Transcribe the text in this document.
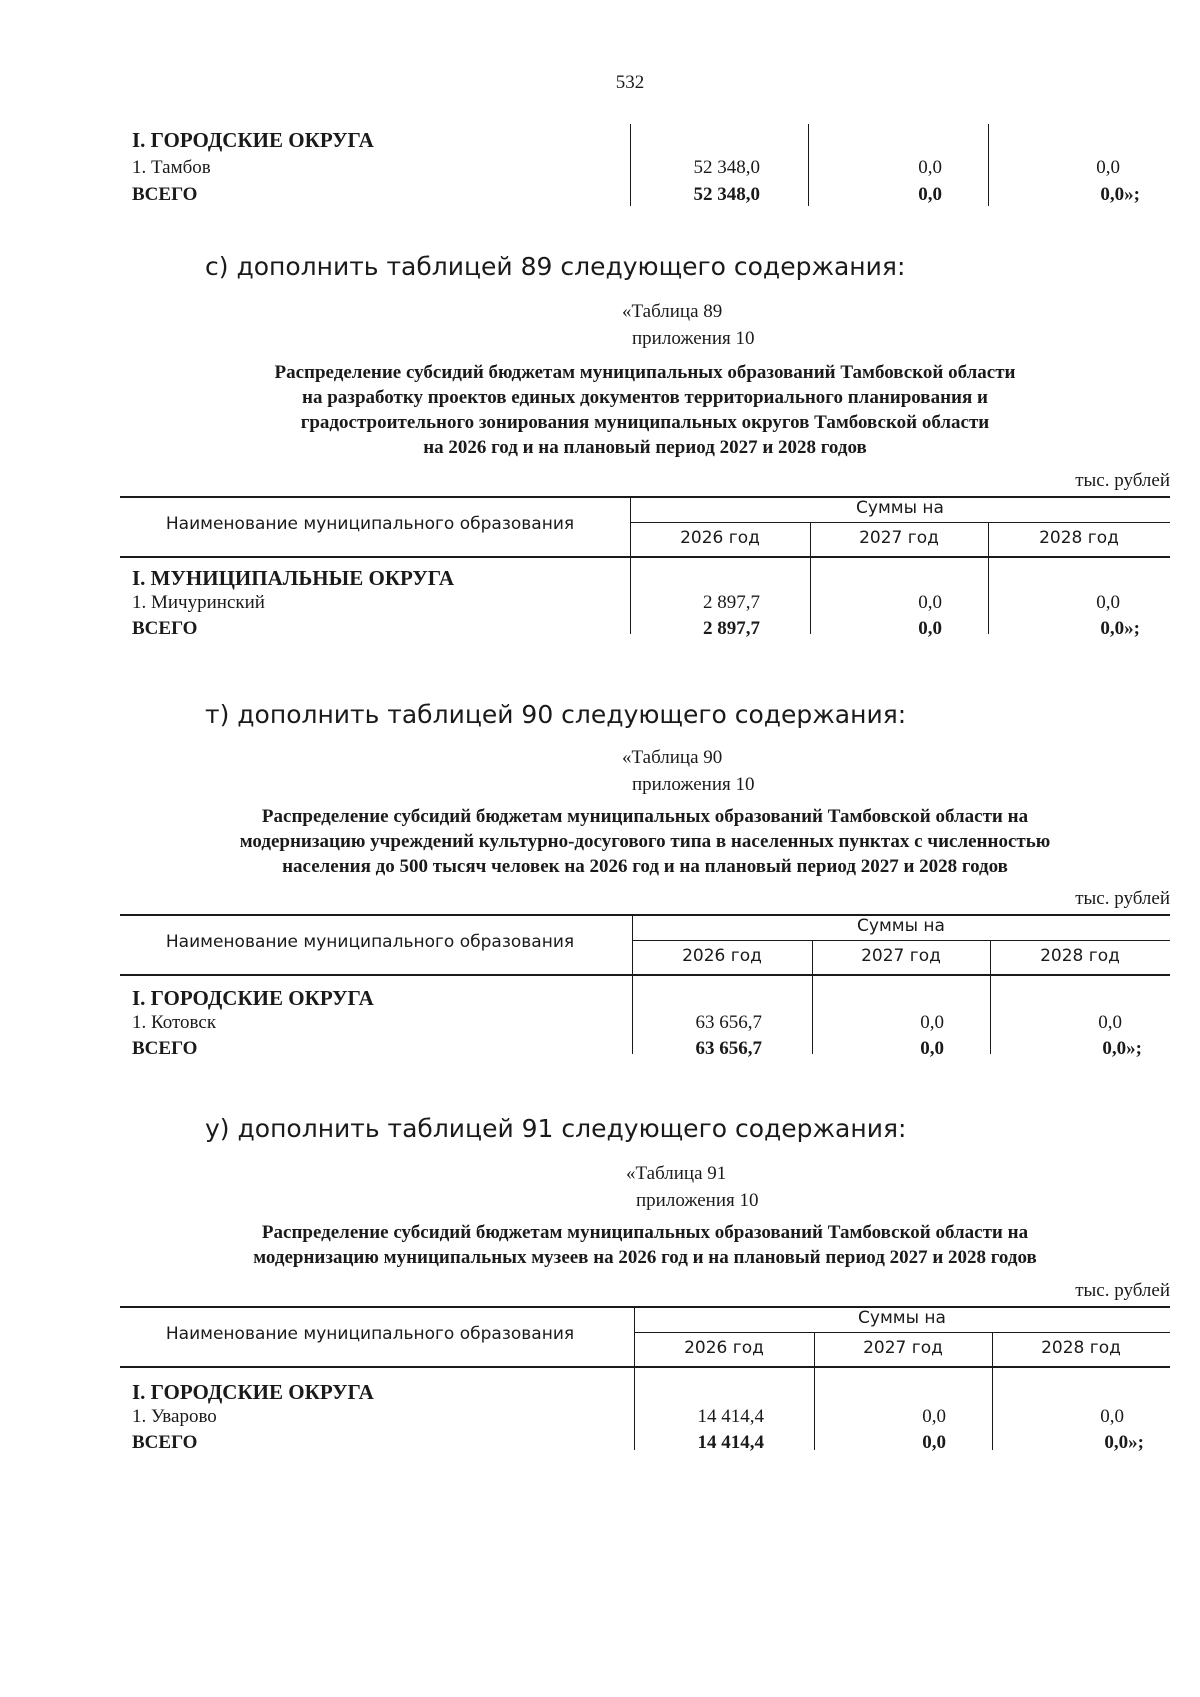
532
I. ГОРОДСКИЕ ОКРУГА
1. Тамбов	52 348,0	0,0	0,0
ВСЕГО	52 348,0	0,0	0,0»;
с) дополнить таблицей 89 следующего содержания:
«Таблица 89
приложения 10
Распределение субсидий бюджетам муниципальных образований Тамбовской области
на разработку проектов единых документов территориального планирования и
градостроительного зонирования муниципальных округов Тамбовской области
на 2026 год и на плановый период 2027 и 2028 годов
тыс. рублей
Наименование муниципального образования
Суммы на
2026 год	2027 год	2028 год
I. МУНИЦИПАЛЬНЫЕ ОКРУГА
1. Мичуринский	2 897,7	0,0	0,0
ВСЕГО	2 897,7	0,0	0,0»;
т) дополнить таблицей 90 следующего содержания:
«Таблица 90
приложения 10
Распределение субсидий бюджетам муниципальных образований Тамбовской области на
модернизацию учреждений культурно-досугового типа в населенных пунктах с численностью
населения до 500 тысяч человек на 2026 год и на плановый период 2027 и 2028 годов
тыс. рублей
Наименование муниципального образования
Суммы на
2026 год	2027 год	2028 год
I. ГОРОДСКИЕ ОКРУГА
1. Котовск	63 656,7	0,0	0,0
ВСЕГО	63 656,7	0,0	0,0»;
у) дополнить таблицей 91 следующего содержания:
«Таблица 91
приложения 10
Распределение субсидий бюджетам муниципальных образований Тамбовской области на
модернизацию муниципальных музеев на 2026 год и на плановый период 2027 и 2028 годов
тыс. рублей
Наименование муниципального образования
Суммы на
2026 год	2027 год	2028 год
I. ГОРОДСКИЕ ОКРУГА
1. Уварово	14 414,4	0,0	0,0
ВСЕГО	14 414,4	0,0	0,0»;
